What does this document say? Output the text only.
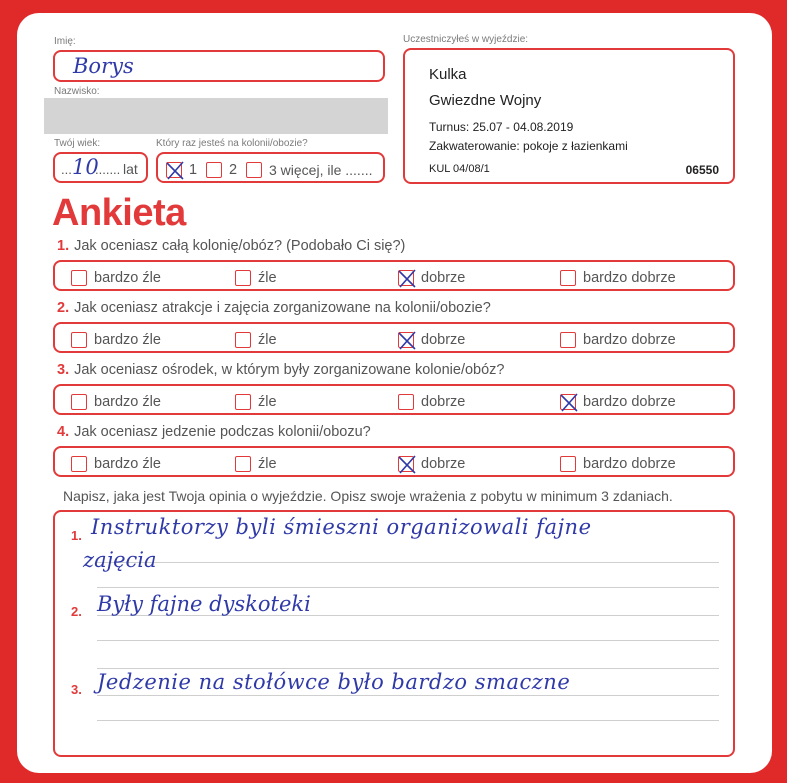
Imię:
Borys
Nazwisko:
Twój wiek:
... 10
....... lat
Który raz jesteś na kolonii/obozie?
1 2 3 więcej, ile .......
Uczestniczyłeś w wyjeździe:
Kulka
Gwiezdne Wojny
Turnus: 25.07 - 04.08.2019
Zakwaterowanie: pokoje z łazienkami
KUL 04/08/1	06550
Ankieta
1. Jak oceniasz całą kolonię/obóz? (Podobało Ci się?)
bardzo źle	źle	dobrze	bardzo dobrze
2. Jak oceniasz atrakcje i zajęcia zorganizowane na kolonii/obozie?
bardzo źle	źle	dobrze	bardzo dobrze
3. Jak oceniasz ośrodek, w którym były zorganizowane kolonie/obóz?
bardzo źle	źle	dobrze	bardzo dobrze
4. Jak oceniasz jedzenie podczas kolonii/obozu?
bardzo źle	źle	dobrze	bardzo dobrze
Napisz, jaka jest Twoja opinia o wyjeździe. Opisz swoje wrażenia z pobytu w minimum 3 zdaniach.
1. Instruktorzy byli śmieszni organizowali fajne
zajęcia
2. Były fajne dyskoteki
3. Jedzenie na stołówce było bardzo smaczne
